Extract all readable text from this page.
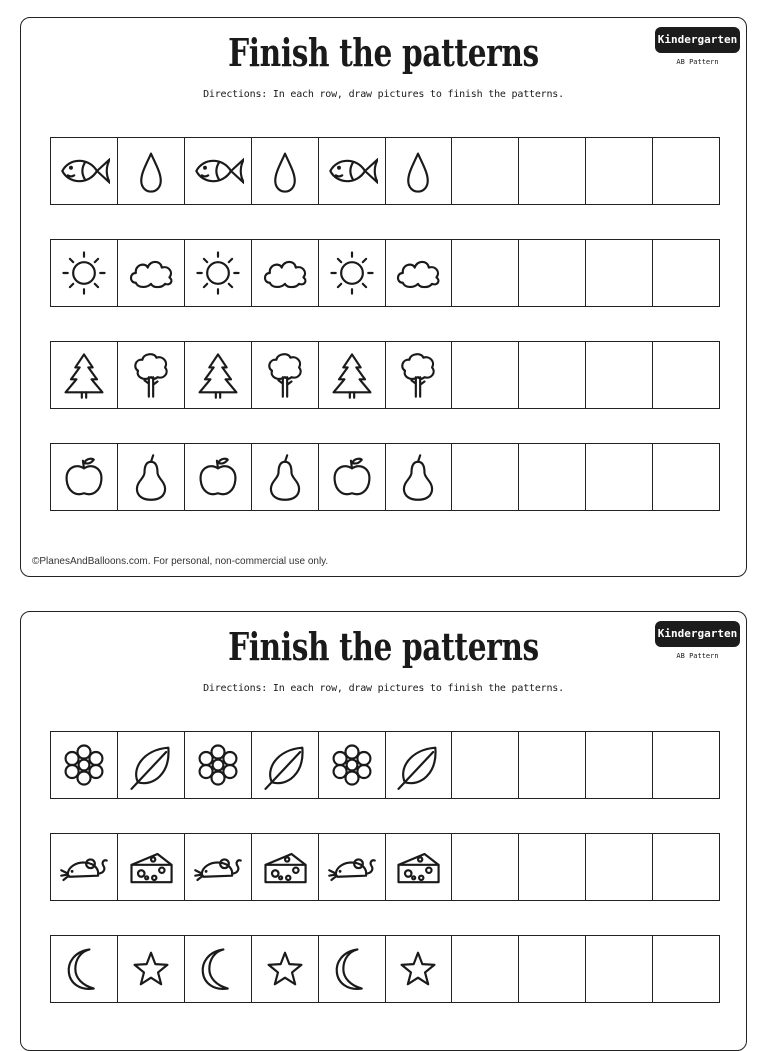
Finish the patterns
Directions: In each row, draw pictures to finish the patterns.
Kindergarten
AB Pattern
©PlanesAndBalloons.com. For personal, non-commercial use only.
Finish the patterns
Directions: In each row, draw pictures to finish the patterns.
Kindergarten
AB Pattern
